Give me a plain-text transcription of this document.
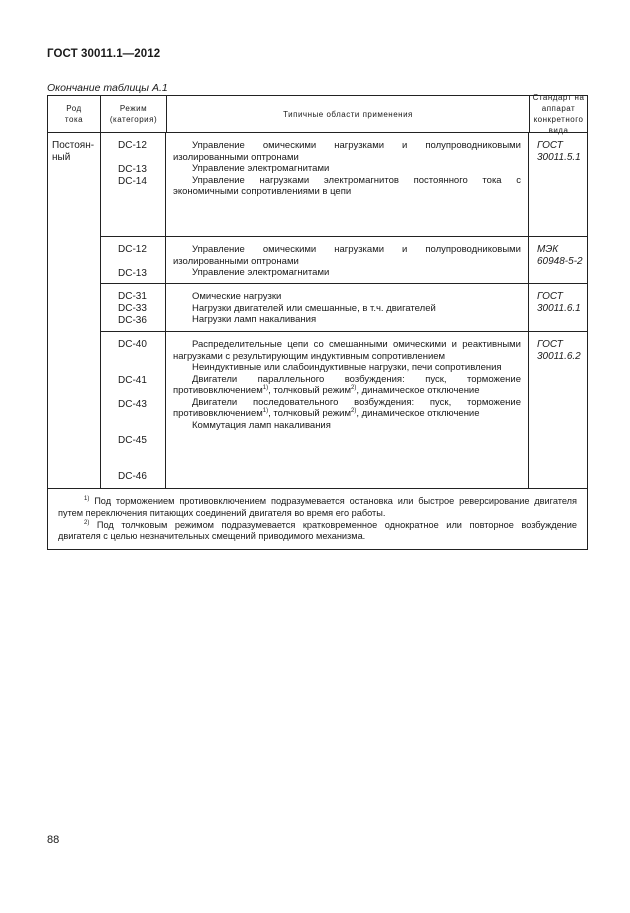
ГОСТ 30011.1—2012
Окончание таблицы А.1
Род
тока
Режим
(категория)
Типичные области применения
Стандарт на аппарат
конкретного вида
Постоян-
ный
DC-12
DC-13
DC-14
Управление омическими нагрузками и полупроводниковыми изолированными оптронами
Управление электромагнитами
Управление нагрузками электромагнитов постоянного тока с экономичными сопротивлениями в цепи
ГОСТ 30011.5.1
DC-12
DC-13
Управление омическими нагрузками и полупроводниковыми изолированными оптронами
Управление электромагнитами
МЭК 60948-5-2
DC-31
DC-33
DC-36
Омические нагрузки
Нагрузки двигателей или смешанные, в т.ч. двигателей
Нагрузки ламп накаливания
ГОСТ 30011.6.1
DC-40
DC-41
DC-43
DC-45
DC-46
Распределительные цепи со смешанными омическими и реактивными нагрузками с результирующим индуктивным сопротивлением
Неиндуктивные или слабоиндуктивные нагрузки, печи сопротивления
Двигатели параллельного возбуждения: пуск, торможение противовключением$^{1)}$, толчковый режим$^{2)}$, динамическое отключение
Двигатели последовательного возбуждения: пуск, торможение противовключением$^{1)}$, толчковый режим$^{2)}$, динамическое отключение
Коммутация ламп накаливания
ГОСТ 30011.6.2
$^{1)}$ Под торможением противовключением подразумевается остановка или быстрое реверсирование двигателя путем переключения питающих соединений двигателя во время его работы.
$^{2)}$ Под толчковым режимом подразумевается кратковременное однократное или повторное возбуждение двигателя с целью незначительных смещений приводимого механизма.
88
